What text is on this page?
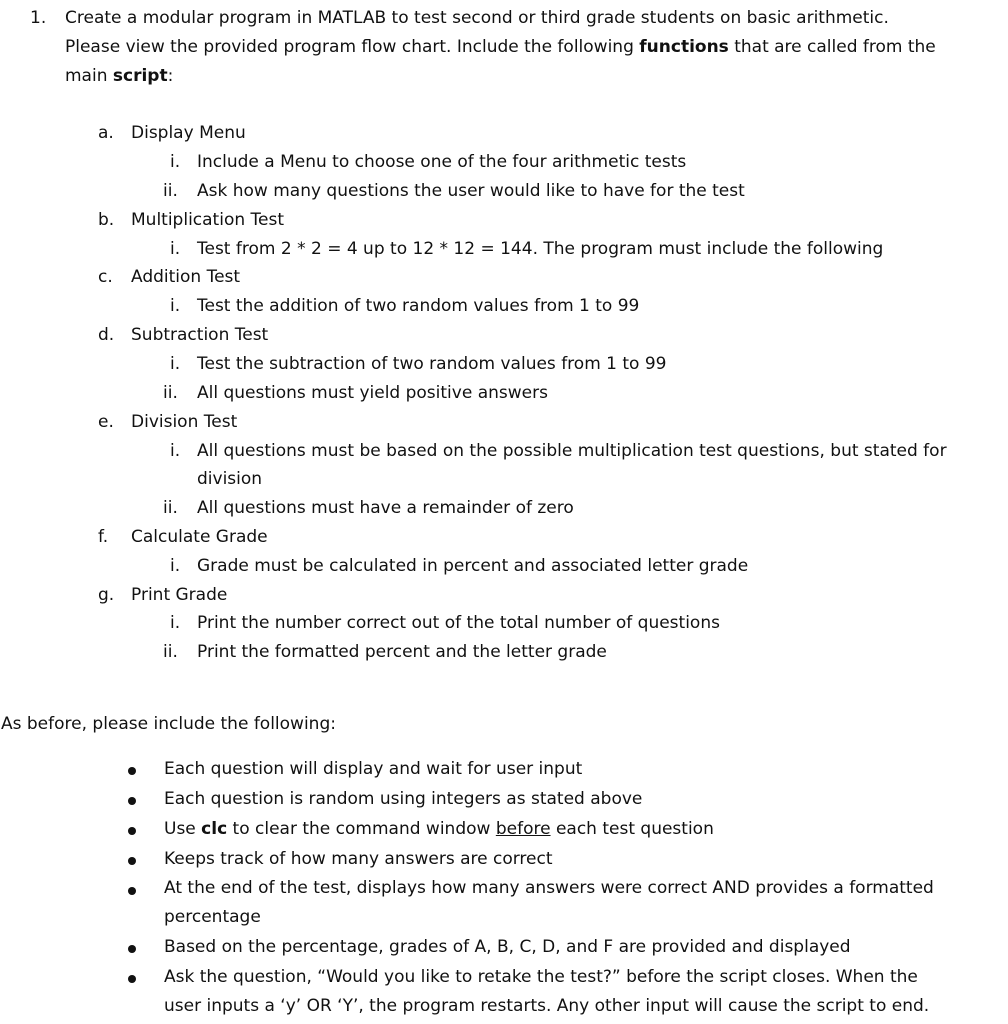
1. Create a modular program in MATLAB to test second or third grade students on basic arithmetic.
Please view the provided program flow chart. Include the following functions that are called from the
main script:
a. Display Menu
i. Include a Menu to choose one of the four arithmetic tests
ii. Ask how many questions the user would like to have for the test
b. Multiplication Test
i. Test from 2 * 2 = 4 up to 12 * 12 = 144. The program must include the following
c. Addition Test
i. Test the addition of two random values from 1 to 99
d. Subtraction Test
i. Test the subtraction of two random values from 1 to 99
ii. All questions must yield positive answers
e. Division Test
i. All questions must be based on the possible multiplication test questions, but stated for
division
ii. All questions must have a remainder of zero
f. Calculate Grade
i. Grade must be calculated in percent and associated letter grade
g. Print Grade
i. Print the number correct out of the total number of questions
ii. Print the formatted percent and the letter grade
As before, please include the following:
Each question will display and wait for user input
Each question is random using integers as stated above
Use clc to clear the command window before each test question
Keeps track of how many answers are correct
At the end of the test, displays how many answers were correct AND provides a formatted
percentage
Based on the percentage, grades of A, B, C, D, and F are provided and displayed
Ask the question, “Would you like to retake the test?” before the script closes. When the
user inputs a ‘y’ OR ‘Y’, the program restarts. Any other input will cause the script to end.
